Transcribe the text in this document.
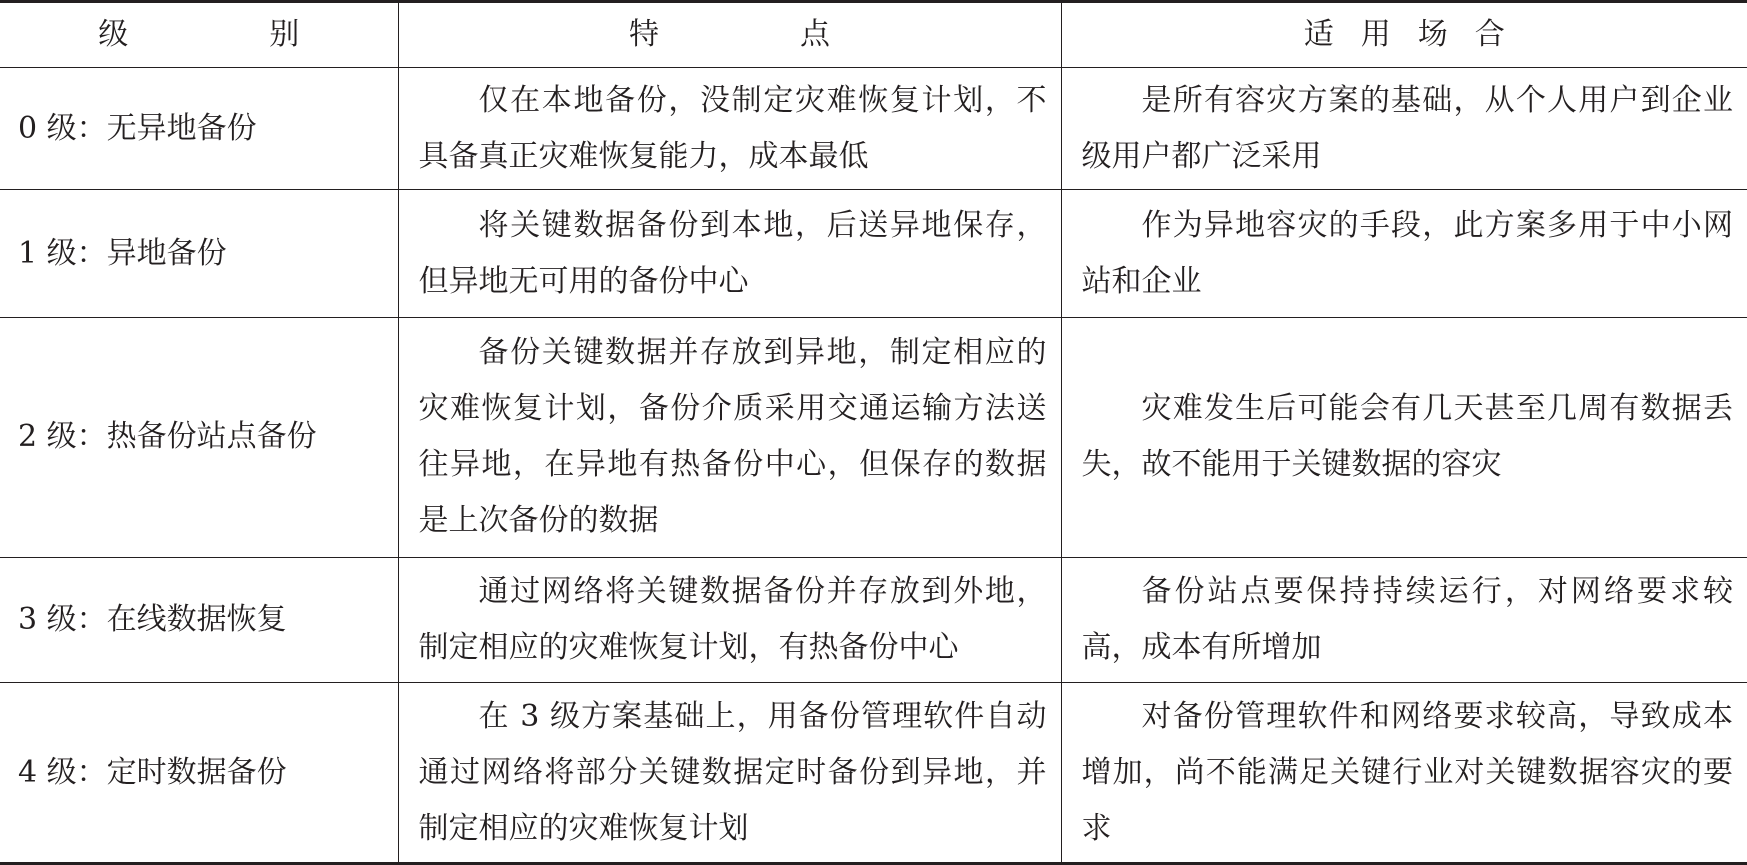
级　　别	特　　点	适用场合
0 级：无异地备份	仅在本地备份，没制定灾难恢复计划，不具备真正灾难恢复能力，成本最低	是所有容灾方案的基础，从个人用户到企业级用户都广泛采用
1 级：异地备份	将关键数据备份到本地，后送异地保存，但异地无可用的备份中心	作为异地容灾的手段，此方案多用于中小网站和企业
2 级：热备份站点备份	备份关键数据并存放到异地，制定相应的灾难恢复计划，备份介质采用交通运输方法送往异地，在异地有热备份中心，但保存的数据是上次备份的数据	灾难发生后可能会有几天甚至几周有数据丢失，故不能用于关键数据的容灾
3 级：在线数据恢复	通过网络将关键数据备份并存放到外地，制定相应的灾难恢复计划，有热备份中心	备份站点要保持持续运行，对网络要求较高，成本有所增加
4 级：定时数据备份	在 3 级方案基础上，用备份管理软件自动通过网络将部分关键数据定时备份到异地，并制定相应的灾难恢复计划	对备份管理软件和网络要求较高，导致成本增加，尚不能满足关键行业对关键数据容灾的要求
